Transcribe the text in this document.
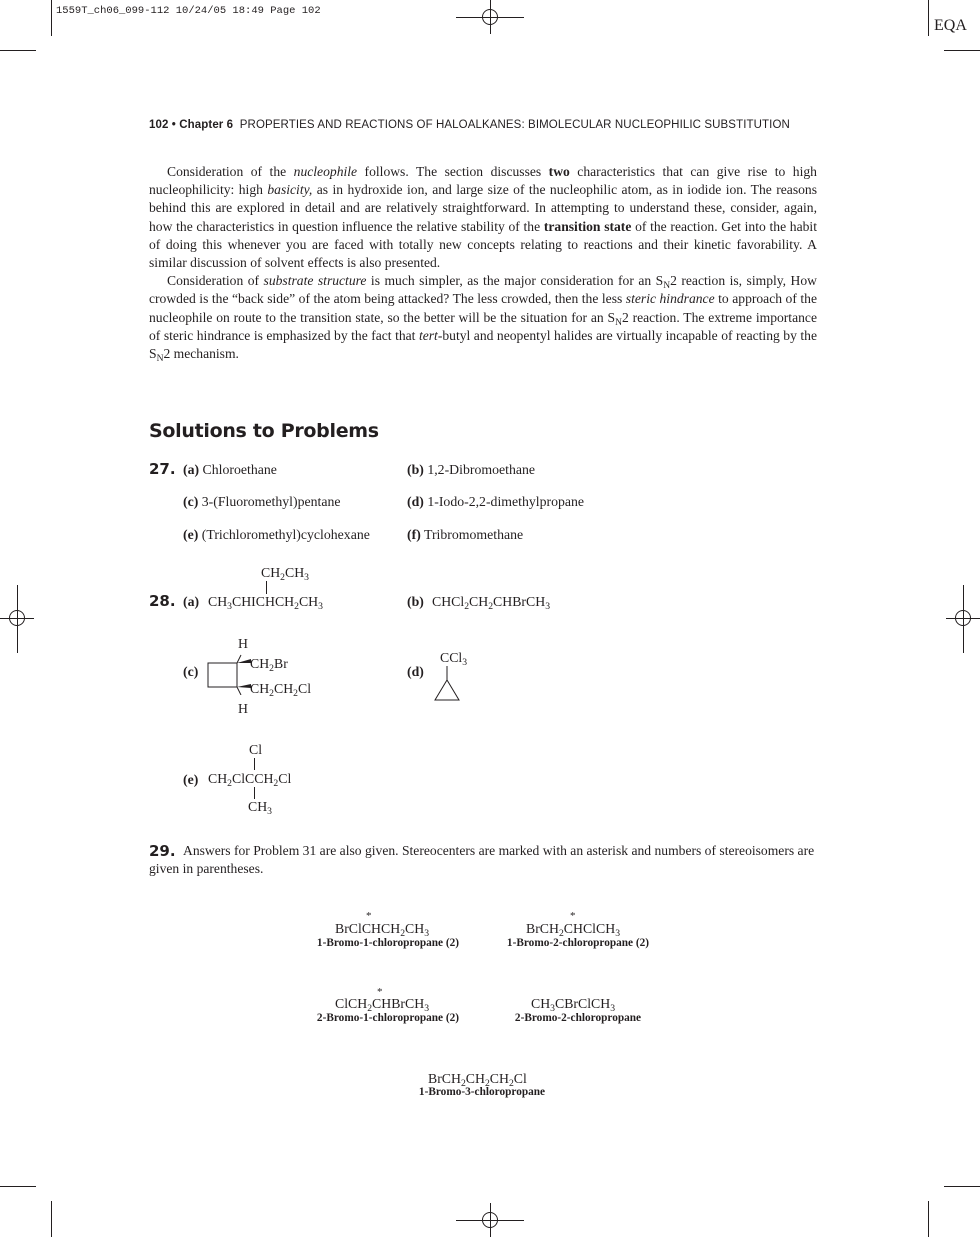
1559T_ch06_099-112 10/24/05 18:49 Page 102
EQA
102 • Chapter 6 PROPERTIES AND REACTIONS OF HALOALKANES: BIMOLECULAR NUCLEOPHILIC SUBSTITUTION

Consideration of the nucleophile follows. The section discusses two characteristics that can give rise to high nucleophilicity: high basicity, as in hydroxide ion, and large size of the nucleophilic atom, as in iodide ion. The reasons behind this are explored in detail and are relatively straightforward. In attempting to understand these, consider, again, how the characteristics in question influence the relative stability of the transition state of the reaction. Get into the habit of doing this whenever you are faced with totally new concepts relating to reactions and their kinetic favorability. A similar discussion of solvent effects is also presented.

Consideration of substrate structure is much simpler, as the major consideration for an $S_N2$ reaction is, simply, How crowded is the “back side” of the atom being attacked? The less crowded, then the less steric hindrance to approach of the nucleophile on route to the transition state, so the better will be the situation for an $S_N2$ reaction. The extreme importance of steric hindrance is emphasized by the fact that tert-butyl and neopentyl halides are virtually incapable of reacting by the $S_N2$ mechanism.

Solutions to Problems
27. (a) Chloroethane	(b) 1,2-Dibromoethane
(c) 3-(Fluoromethyl)pentane	(d) 1-Iodo-2,2-dimethylpropane
(e) (Trichloromethyl)cyclohexane	(f) Tribromomethane
28. (a)
$CH_2CH_3$
$CH_3CHICHCH_2CH_3$	(b) $CHCl_2CH_2CHBrCH_3$
(c)
H
$CH_2Br$
$CH_2CH_2Cl$
H
(d)
CCl$_3$
(e)
Cl
$CH_2ClCCH_2Cl$
$CH_3$
29. Answers for Problem 31 are also given. Stereocenters are marked with an asterisk and numbers of stereoisomers are given in parentheses.
*
$BrClCHCH_2CH_3$
1-Bromo-1-chloropropane (2)
*
BrCH$_2$CHClCH$_3$
1-Bromo-2-chloropropane (2)
*
ClCH$_2$CHBrCH$_3$
2-Bromo-1-chloropropane (2)
$CH_3CBrClCH_3$
2-Bromo-2-chloropropane
$BrCH_2CH_2CH_2Cl$
1-Bromo-3-chloropropane
